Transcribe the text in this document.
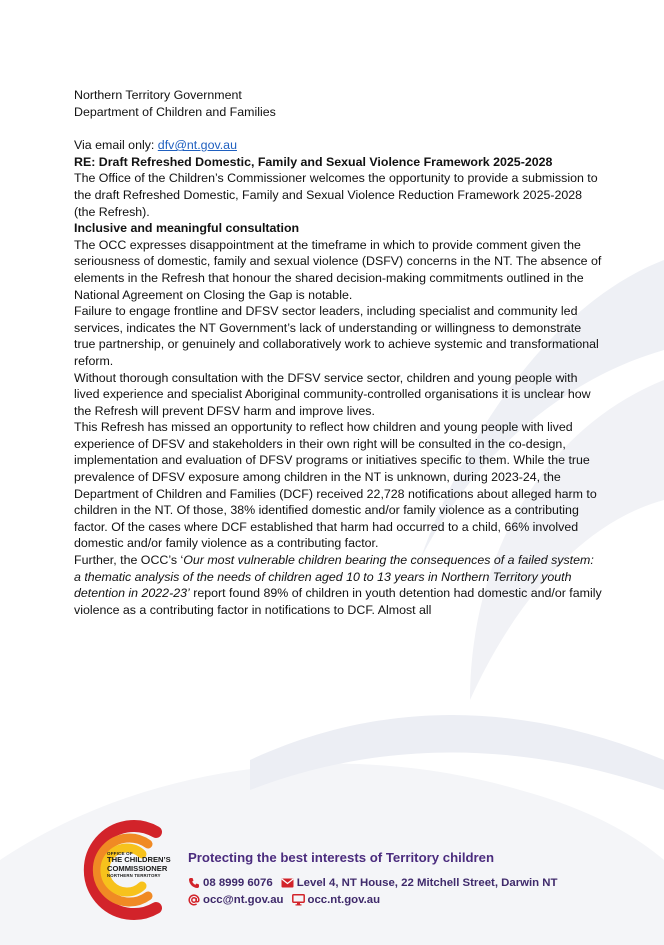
Northern Territory Government

Department of Children and Families

Via email only: dfv@nt.gov.au

RE: Draft Refreshed Domestic, Family and Sexual Violence Framework 2025-2028

The Office of the Children’s Commissioner welcomes the opportunity to provide a submission to the draft Refreshed Domestic, Family and Sexual Violence Reduction Framework 2025-2028 (the Refresh).

Inclusive and meaningful consultation

The OCC expresses disappointment at the timeframe in which to provide comment given the seriousness of domestic, family and sexual violence (DSFV) concerns in the NT. The absence of elements in the Refresh that honour the shared decision-making commitments outlined in the National Agreement on Closing the Gap is notable.

Failure to engage frontline and DFSV sector leaders, including specialist and community led services, indicates the NT Government’s lack of understanding or willingness to demonstrate true partnership, or genuinely and collaboratively work to achieve systemic and transformational reform.

Without thorough consultation with the DFSV service sector, children and young people with lived experience and specialist Aboriginal community-controlled organisations it is unclear how the Refresh will prevent DFSV harm and improve lives.

This Refresh has missed an opportunity to reflect how children and young people with lived experience of DFSV and stakeholders in their own right will be consulted in the co-design, implementation and evaluation of DFSV programs or initiatives specific to them. While the true prevalence of DFSV exposure among children in the NT is unknown, during 2023-24, the Department of Children and Families (DCF) received 22,728 notifications about alleged harm to children in the NT. Of those, 38% identified domestic and/or family violence as a contributing factor. Of the cases where DCF established that harm had occurred to a child, 66% involved domestic and/or family violence as a contributing factor.

Further, the OCC’s ‘Our most vulnerable children bearing the consequences of a failed system: a thematic analysis of the needs of children aged 10 to 13 years in Northern Territory youth detention in 2022-23’ report found 89% of children in youth detention had domestic and/or family violence as a contributing factor in notifications to DCF. Almost all

OFFICE OF
THE CHILDREN’S
COMMISSIONER
NORTHERN TERRITORY
Protecting the best interests of Territory children
08 8999 6076 Level 4, NT House, 22 Mitchell Street, Darwin NT
occ@nt.gov.au occ.nt.gov.au
